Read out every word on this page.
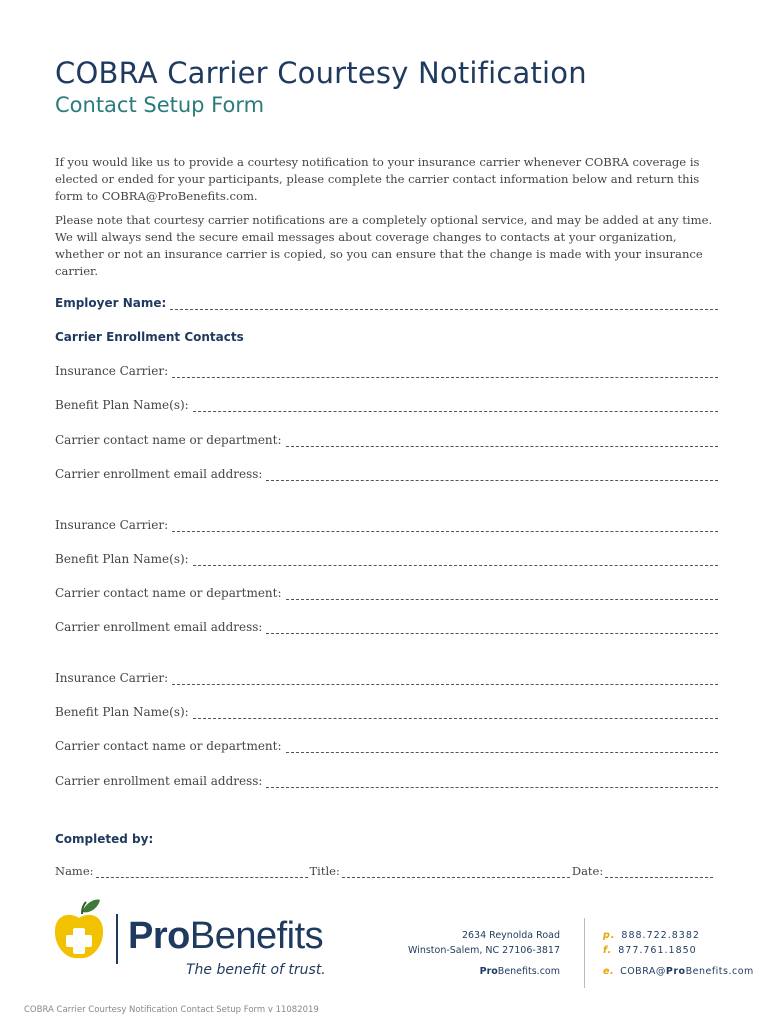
COBRA Carrier Courtesy Notification
Contact Setup Form
If you would like us to provide a courtesy notification to your insurance carrier whenever COBRA coverage is elected or ended for your participants, please complete the carrier contact information below and return this form to COBRA@ProBenefits.com.
Please note that courtesy carrier notifications are a completely optional service, and may be added at any time. We will always send the secure email messages about coverage changes to contacts at your organization, whether or not an insurance carrier is copied, so you can ensure that the change is made with your insurance carrier.
Employer Name:
Carrier Enrollment Contacts
Insurance Carrier:
Benefit Plan Name(s):
Carrier contact name or department:
Carrier enrollment email address:
Insurance Carrier:
Benefit Plan Name(s):
Carrier contact name or department:
Carrier enrollment email address:
Insurance Carrier:
Benefit Plan Name(s):
Carrier contact name or department:
Carrier enrollment email address:
Completed by:
Name:	Title:	Date:
ProBenefits
The benefit of trust.
2634 Reynolda Road
Winston-Salem, NC 27106-3817
ProBenefits.com
p. 888.722.8382
f. 877.761.1850
e. COBRA@ProBenefits.com
COBRA Carrier Courtesy Notification Contact Setup Form v 11082019
